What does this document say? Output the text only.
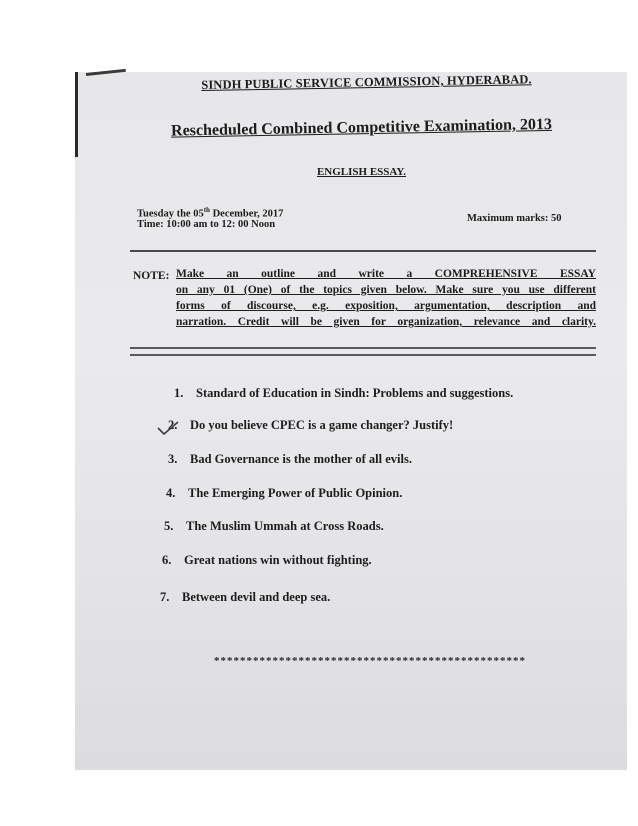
SINDH PUBLIC SERVICE COMMISSION, HYDERABAD.
Rescheduled Combined Competitive Examination, 2013
ENGLISH ESSAY.
Tuesday the 05th December, 2017
Time: 10:00 am to 12: 00 Noon
Maximum marks: 50
NOTE: Make an outline and write a COMPREHENSIVE ESSAY
on any 01 (One) of the topics given below. Make sure you use different
forms of discourse, e.g. exposition, argumentation, description and
narration. Credit will be given for organization, relevance and clarity.
1. Standard of Education in Sindh: Problems and suggestions.
2. Do you believe CPEC is a game changer? Justify!
3. Bad Governance is the mother of all evils.
4. The Emerging Power of Public Opinion.
5. The Muslim Ummah at Cross Roads.
6. Great nations win without fighting.
7. Between devil and deep sea.
************************************************
